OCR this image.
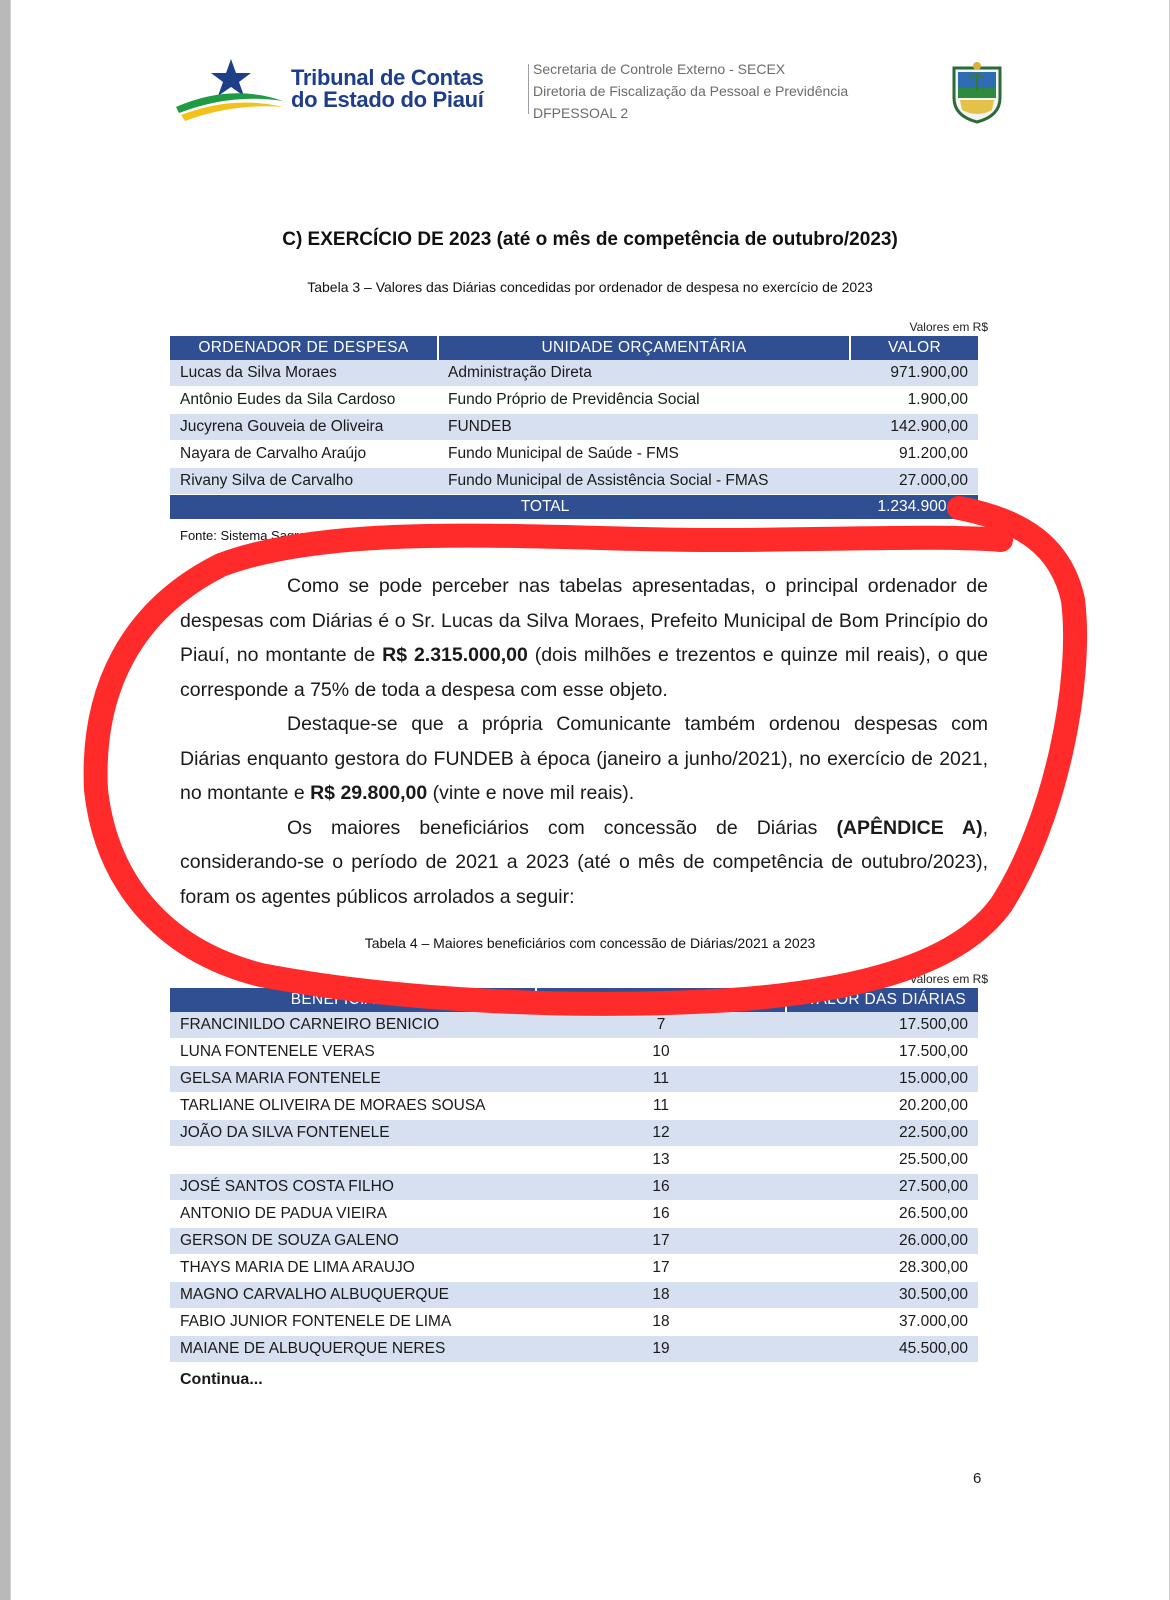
Tribunal de Contas
do Estado do Piauí
Secretaria de Controle Externo - SECEX
Diretoria de Fiscalização da Pessoal e Previdência
DFPESSOAL 2
C) EXERCÍCIO DE 2023 (até o mês de competência de outubro/2023)
Tabela 3 – Valores das Diárias concedidas por ordenador de despesa no exercício de 2023
Valores em R$
ORDENADOR DE DESPESA	UNIDADE ORÇAMENTÁRIA	VALOR
Lucas da Silva Moraes	Administração Direta	971.900,00
Antônio Eudes da Sila Cardoso	Fundo Próprio de Previdência Social	1.900,00
Jucyrena Gouveia de Oliveira	FUNDEB	142.900,00
Nayara de Carvalho Araújo	Fundo Municipal de Saúde - FMS	91.200,00
Rivany Silva de Carvalho	Fundo Municipal de Assistência Social - FMAS	27.000,00
TOTAL		1.234.900,00
Fonte: Sistema Sagres Contábil – 2023/TCE-PI

Como se pode perceber nas tabelas apresentadas, o principal ordenador de despesas com Diárias é o Sr. Lucas da Silva Moraes, Prefeito Municipal de Bom Princípio do Piauí, no montante de R$ 2.315.000,00 (dois milhões e trezentos e quinze mil reais), o que corresponde a 75% de toda a despesa com esse objeto.

Destaque-se que a própria Comunicante também ordenou despesas com Diárias enquanto gestora do FUNDEB à época (janeiro a junho/2021), no exercício de 2021, no montante e R$ 29.800,00 (vinte e nove mil reais).

Os maiores beneficiários com concessão de Diárias (APÊNDICE A), considerando-se o período de 2021 a 2023 (até o mês de competência de outubro/2023), foram os agentes públicos arrolados a seguir:

Tabela 4 – Maiores beneficiários com concessão de Diárias/2021 a 2023
Valores em R$
BENEFICIÁRIOS	QUANTIDADE	VALOR DAS DIÁRIAS
FRANCINILDO CARNEIRO BENICIO	7	17.500,00
LUNA FONTENELE VERAS	10	17.500,00
GELSA MARIA FONTENELE	11	15.000,00
TARLIANE OLIVEIRA DE MORAES SOUSA	11	20.200,00
JOÃO DA SILVA FONTENELE	12	22.500,00
	13	25.500,00
JOSÉ SANTOS COSTA FILHO	16	27.500,00
ANTONIO DE PADUA VIEIRA	16	26.500,00
GERSON DE SOUZA GALENO	17	26.000,00
THAYS MARIA DE LIMA ARAUJO	17	28.300,00
MAGNO CARVALHO ALBUQUERQUE	18	30.500,00
FABIO JUNIOR FONTENELE DE LIMA	18	37.000,00
MAIANE DE ALBUQUERQUE NERES	19	45.500,00
Continua...
6
